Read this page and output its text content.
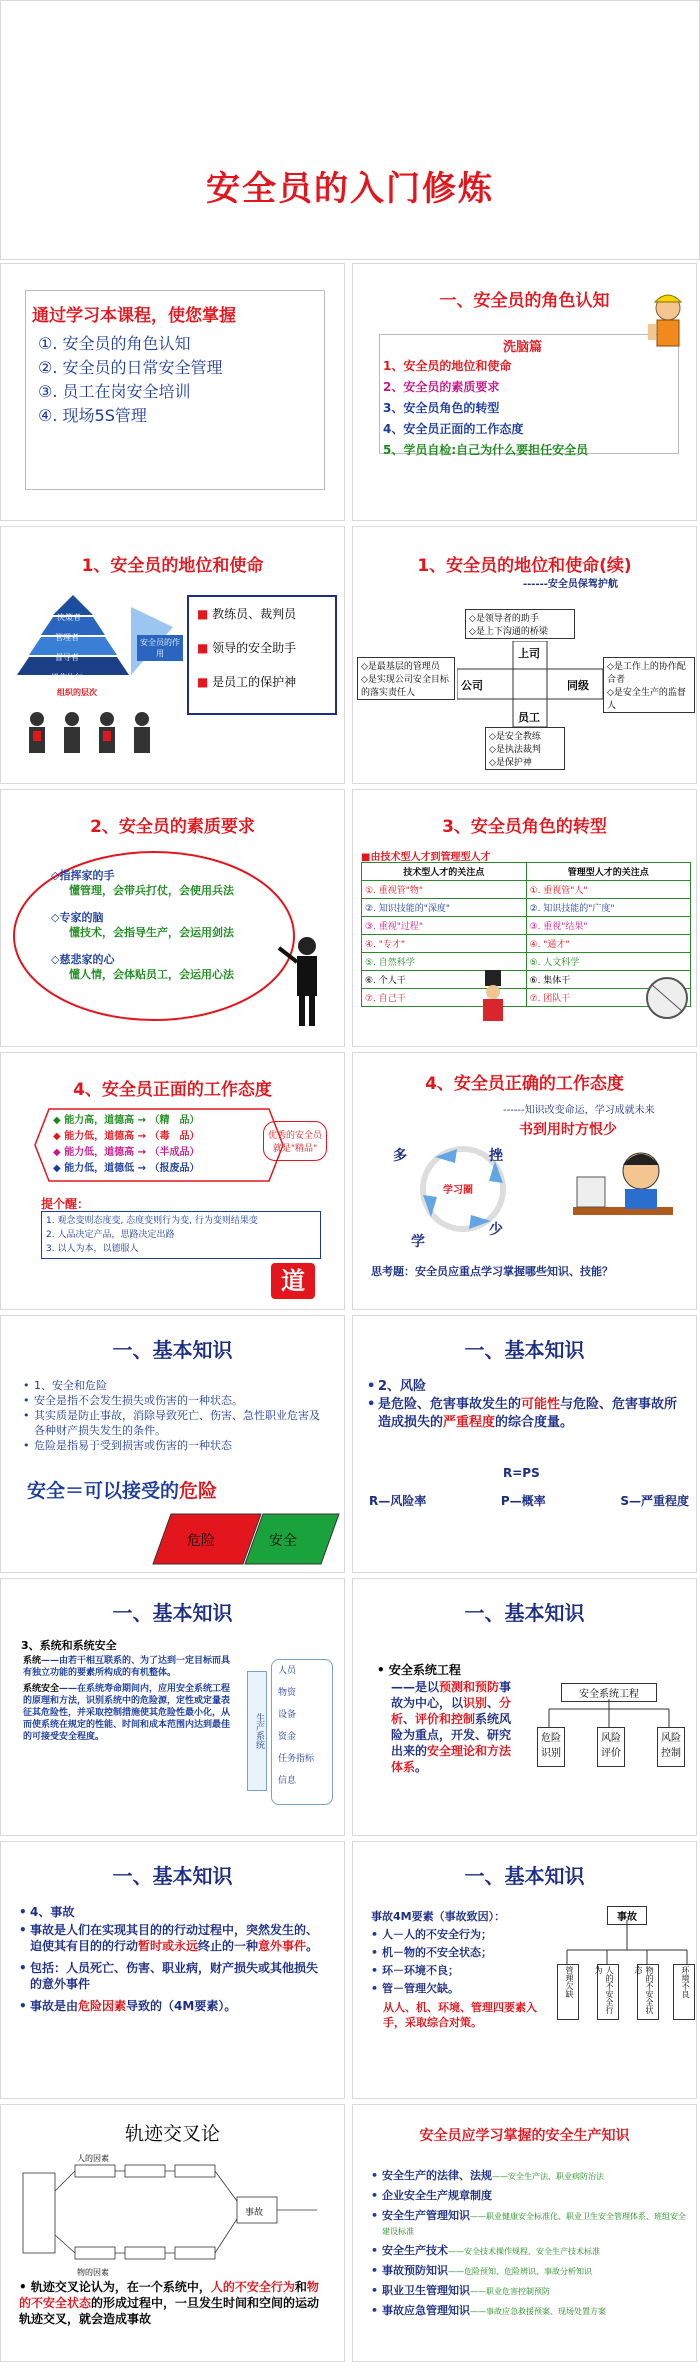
安全员的入门修炼
通过学习本课程，使您掌握
①. 安全员的角色认知
②. 安全员的日常安全管理
③. 员工在岗安全培训
④. 现场5S管理
一、安全员的角色认知
洗脑篇
1、安全员的地位和使命
2、安全员的素质要求
3、安全员角色的转型
4、安全员正面的工作态度
5、学员自检:自己为什么要担任安全员
1、安全员的地位和使命
决策者
管理者
督导者
操作执行
组织的层次
安全员的作用
■ 教练员、裁判员
■ 领导的安全助手
■ 是员工的保护神
1、安全员的地位和使命(续)
------安全员保驾护航
◇是领导者的助手
◇是上下沟通的桥梁
◇是最基层的管理员
◇是实现公司安全目标的落实责任人
◇是工作上的协作配合者
◇是安全生产的监督人
◇是安全教练
◇是执法裁判
◇是保护神
上司
公司	同级
员工
2、安全员的素质要求
◇指挥家的手
懂管理，会带兵打仗，会使用兵法
◇专家的脑
懂技术，会指导生产，会运用剑法
◇慈悲家的心
懂人情，会体贴员工，会运用心法
3、安全员角色的转型
■由技术型人才到管理型人才
技术型人才的关注点	管理型人才的关注点
①. 重视管"物"	①. 重视管"人"
②. 知识技能的"深度"	②. 知识技能的"广度"
③. 重视"过程"	③. 重视"结果"
④. "专才"	④. "通才"
⑤. 自然科学	⑤. 人文科学
⑥. 个人干	⑥. 集体干
⑦. 自己干	⑦. 团队干
4、安全员正面的工作态度
◆ 能力高，道德高 → （精　品）
◆ 能力低，道德高 → （毒　品）
◆ 能力低，道德高 → （半成品）
◆ 能力低，道德低 → （报废品）
优秀的安全员就是"精品"
提个醒：
1. 观念变则态度变, 态度变则行为变, 行为变则结果变
2. 人品决定产品，思路决定出路
3. 以人为本，以德服人
道
4、安全员正确的工作态度
------知识改变命运，学习成就未来
书到用时方恨少
学习圈
多	挫
少
学
思考题：安全员应重点学习掌握哪些知识、技能？
一、基本知识
• 1、安全和危险
• 安全是指不会发生损失或伤害的一种状态。
• 其实质是防止事故，消除导致死亡、伤害、急性职业危害及各种财产损失发生的条件。
• 危险是指易于受到损害或伤害的一种状态
安全＝可以接受的危险
危险	安全
一、基本知识
• 2、风险
• 是危险、危害事故发生的可能性与危险、危害事故所造成损失的严重程度的综合度量。
R=PS
R—风险率	P—概率	S—严重程度
一、基本知识
3、系统和系统安全
系统——由若干相互联系的、为了达到一定目标而具有独立功能的要素所构成的有机整体。
系统安全——在系统寿命期间内，应用安全系统工程的原理和方法，识别系统中的危险源，定性或定量表征其危险性，并采取控制措施使其危险性最小化，从而使系统在规定的性能、时间和成本范围内达到最佳的可接受安全程度。	生产系统
人员
物资
设备
资金
任务指标
信息
一、基本知识
• 安全系统工程
——是以预测和预防事故为中心，以识别、分析、评价和控制系统风险为重点，开发、研究出来的安全理论和方法体系。
安全系统工程
危险识别
风险评价
风险控制
一、基本知识
• 4、事故
• 事故是人们在实现其目的的行动过程中，突然发生的、迫使其有目的的行动暂时或永远终止的一种意外事件。
• 包括：人员死亡、伤害、职业病，财产损失或其他损失的意外事件
• 事故是由危险因素导致的（4M要素）。
一、基本知识
事故4M要素（事故致因）：
• 人－人的不安全行为；
• 机－物的不安全状态；
• 环－环境不良；
• 管－管理欠缺。
从人、机、环境、管理四要素入手，采取综合对策。
事故
管理欠缺	人的不安全行为	物的不安全状态	环境不良
轨迹交叉论
人的因素
物的因素
事故
• 轨迹交叉论认为，在一个系统中，人的不安全行为和物的不安全状态的形成过程中，一旦发生时间和空间的运动轨迹交叉，就会造成事故
安全员应学习掌握的安全生产知识
• 安全生产的法律、法规——安全生产法、职业病防治法
• 企业安全生产规章制度
• 安全生产管理知识——职业健康安全标准化、职业卫生安全管理体系、班组安全建设标准
• 安全生产技术——安全技术操作规程、安全生产技术标准
• 事故预防知识——危险预知、危险辨识、事故分析知识
• 职业卫生管理知识——职业危害控制预防
• 事故应急管理知识——事故应急救援预案、现场处置方案
